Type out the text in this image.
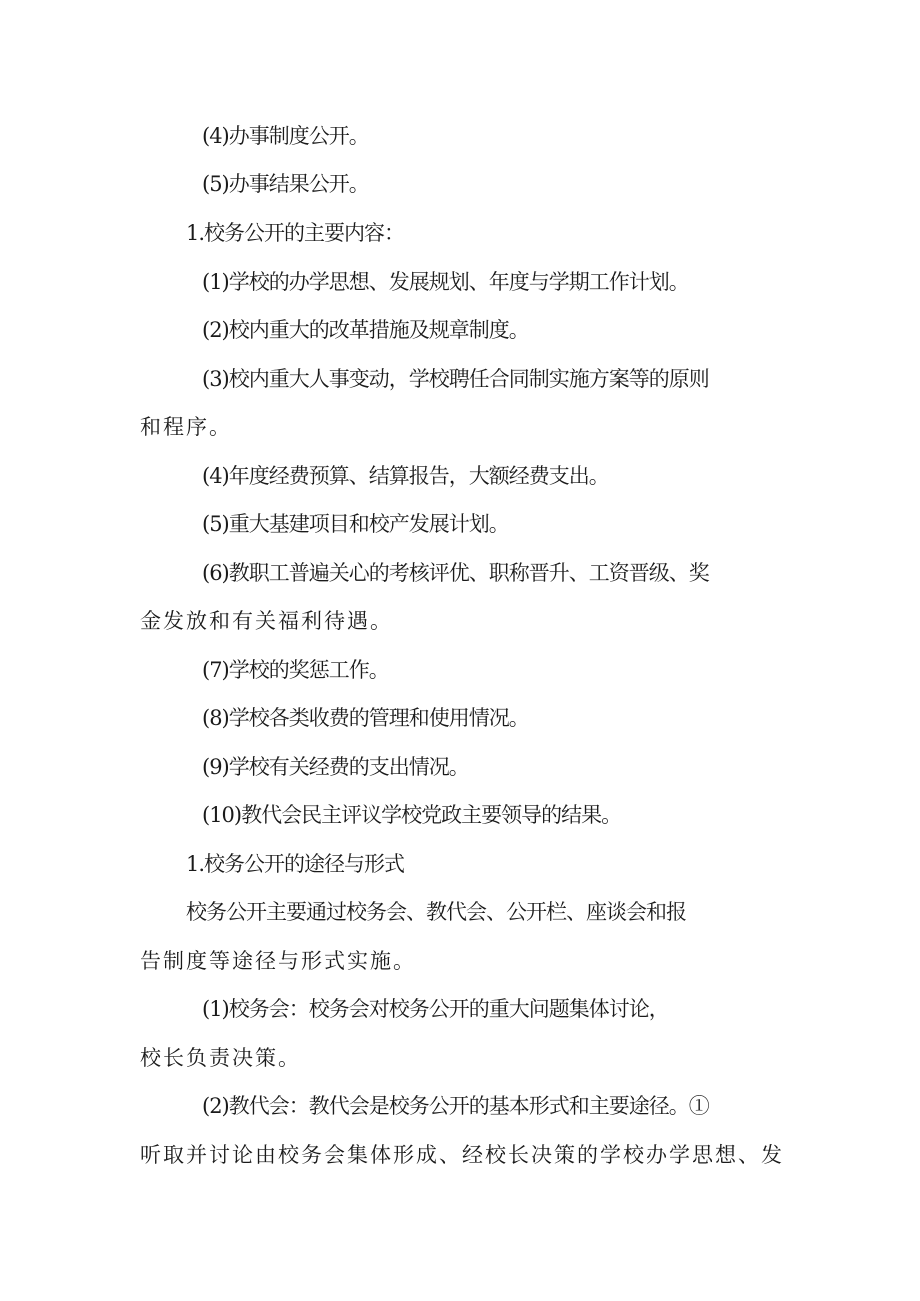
(4)办事制度公开。
(5)办事结果公开。
1.校务公开的主要内容：
(1)学校的办学思想、发展规划、年度与学期工作计划。
(2)校内重大的改革措施及规章制度。
(3)校内重大人事变动，学校聘任合同制实施方案等的原则
和程序。
(4)年度经费预算、结算报告，大额经费支出。
(5)重大基建项目和校产发展计划。
(6)教职工普遍关心的考核评优、职称晋升、工资晋级、奖
金发放和有关福利待遇。
(7)学校的奖惩工作。
(8)学校各类收费的管理和使用情况。
(9)学校有关经费的支出情况。
(10)教代会民主评议学校党政主要领导的结果。
1.校务公开的途径与形式
校务公开主要通过校务会、教代会、公开栏、座谈会和报
告制度等途径与形式实施。
(1)校务会：校务会对校务公开的重大问题集体讨论，
校长负责决策。
(2)教代会：教代会是校务公开的基本形式和主要途径。①
听取并讨论由校务会集体形成、经校长决策的学校办学思想、发
